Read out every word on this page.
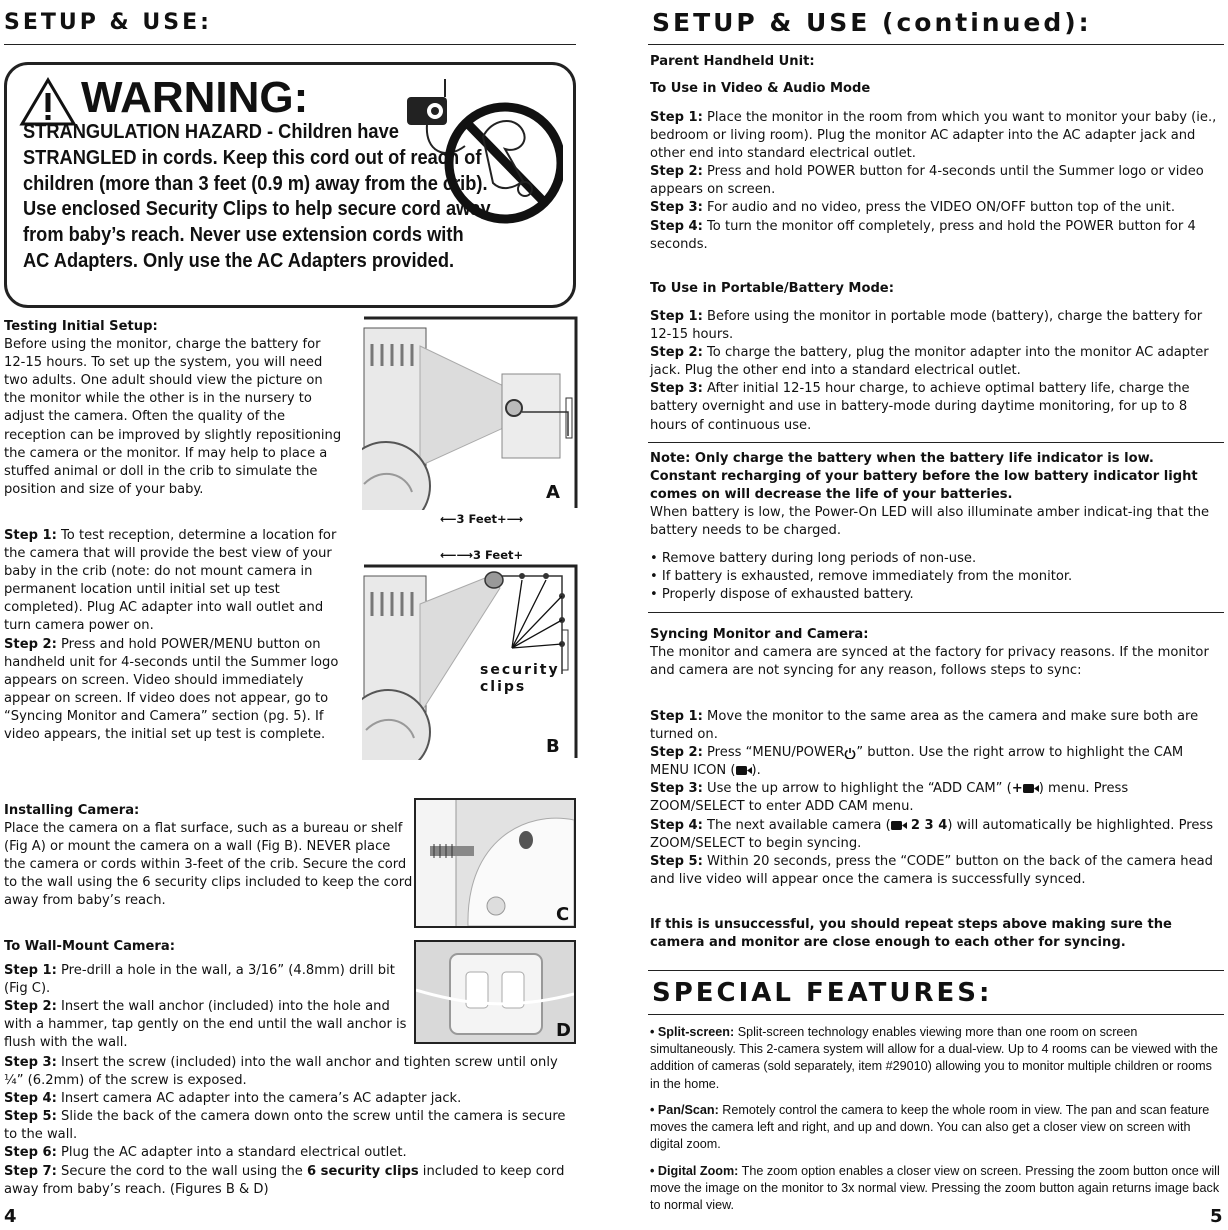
SETUP & USE:
WARNING:
STRANGULATION HAZARD - Children have STRANGLED in cords. Keep this cord out of reach of children (more than 3 feet (0.9 m) away from the crib). Use enclosed Security Clips to help secure cord away from baby’s reach. Never use extension cords with AC Adapters. Only use the AC Adapters provided.
Testing Initial Setup:
Before using the monitor, charge the battery for 12-15 hours. To set up the system, you will need two adults. One adult should view the picture on the monitor while the other is in the nursery to adjust the camera. Often the quality of the reception can be improved by slightly repositioning the camera or the monitor. If may help to place a stuffed animal or doll in the crib to simulate the position and size of your baby.
Step 1: To test reception, determine a location for the camera that will provide the best view of your baby in the crib (note: do not mount camera in permanent location until initial set up test completed). Plug AC adapter into wall outlet and turn camera power on.
Step 2: Press and hold POWER/MENU button on handheld unit for 4-seconds until the Summer logo appears on screen. Video should immediately appear on screen. If video does not appear, go to “Syncing Monitor and Camera” section (pg. 5). If video appears, the initial set up test is complete.
Installing Camera:
Place the camera on a flat surface, such as a bureau or shelf (Fig A) or mount the camera on a wall (Fig B). NEVER place the camera or cords within 3-feet of the crib. Secure the cord to the wall using the 6 security clips included to keep the cord away from baby’s reach.
To Wall-Mount Camera:
Step 1: Pre-drill a hole in the wall, a 3/16” (4.8mm) drill bit (Fig C).
Step 2: Insert the wall anchor (included) into the hole and with a hammer, tap gently on the end until the wall anchor is flush with the wall.
Step 3: Insert the screw (included) into the wall anchor and tighten screw until only ¼” (6.2mm) of the screw is exposed.
Step 4: Insert camera AC adapter into the camera’s AC adapter jack.
Step 5: Slide the back of the camera down onto the screw until the camera is secure to the wall.
Step 6: Plug the AC adapter into a standard electrical outlet.
Step 7: Secure the cord to the wall using the 6 security clips included to keep cord away from baby’s reach. (Figures B & D)
A
⟵3 Feet+⟶
⟵⟶3 Feet+
security clips
B
C
D
4
SETUP & USE (continued):
Parent Handheld Unit:
To Use in Video & Audio Mode
Step 1: Place the monitor in the room from which you want to monitor your baby (ie., bedroom or living room). Plug the monitor AC adapter into the AC adapter jack and other end into standard electrical outlet.
Step 2: Press and hold POWER button for 4-seconds until the Summer logo or video appears on screen.
Step 3: For audio and no video, press the VIDEO ON/OFF button top of the unit.
Step 4: To turn the monitor off completely, press and hold the POWER button for 4 seconds.
To Use in Portable/Battery Mode:
Step 1: Before using the monitor in portable mode (battery), charge the battery for 12-15 hours.
Step 2: To charge the battery, plug the monitor adapter into the monitor AC adapter jack. Plug the other end into a standard electrical outlet.
Step 3: After initial 12-15 hour charge, to achieve optimal battery life, charge the battery overnight and use in battery-mode during daytime monitoring, for up to 8 hours of continuous use.
Note: Only charge the battery when the battery life indicator is low. Constant recharging of your battery before the low battery indicator light comes on will decrease the life of your batteries.
When battery is low, the Power-On LED will also illuminate amber indicat-ing that the battery needs to be charged.
• Remove battery during long periods of non-use.
• If battery is exhausted, remove immediately from the monitor.
• Properly dispose of exhausted battery.
Syncing Monitor and Camera:
The monitor and camera are synced at the factory for privacy reasons. If the monitor and camera are not syncing for any reason, follows steps to sync:
Step 1: Move the monitor to the same area as the camera and make sure both are turned on.
Step 2: Press “MENU/POWER ” button. Use the right arrow to highlight the CAM MENU ICON ( ).
Step 3: Use the up arrow to highlight the “ADD CAM” (+ ) menu. Press ZOOM/SELECT to enter ADD CAM menu.
Step 4: The next available camera ( 2 3 4) will automatically be highlighted. Press ZOOM/SELECT to begin syncing.
Step 5: Within 20 seconds, press the “CODE” button on the back of the camera head and live video will appear once the camera is successfully synced.
If this is unsuccessful, you should repeat steps above making sure the camera and monitor are close enough to each other for syncing.
SPECIAL FEATURES:
• Split-screen: Split-screen technology enables viewing more than one room on screen simultaneously. This 2-camera system will allow for a dual-view. Up to 4 rooms can be viewed with the addition of cameras (sold separately, item #29010) allowing you to monitor multiple children or rooms in the home.
• Pan/Scan: Remotely control the camera to keep the whole room in view. The pan and scan feature moves the camera left and right, and up and down. You can also get a closer view on screen with digital zoom.
• Digital Zoom: The zoom option enables a closer view on screen. Pressing the zoom button once will move the image on the monitor to 3x normal view. Pressing the zoom button again returns image back to normal view.
5
